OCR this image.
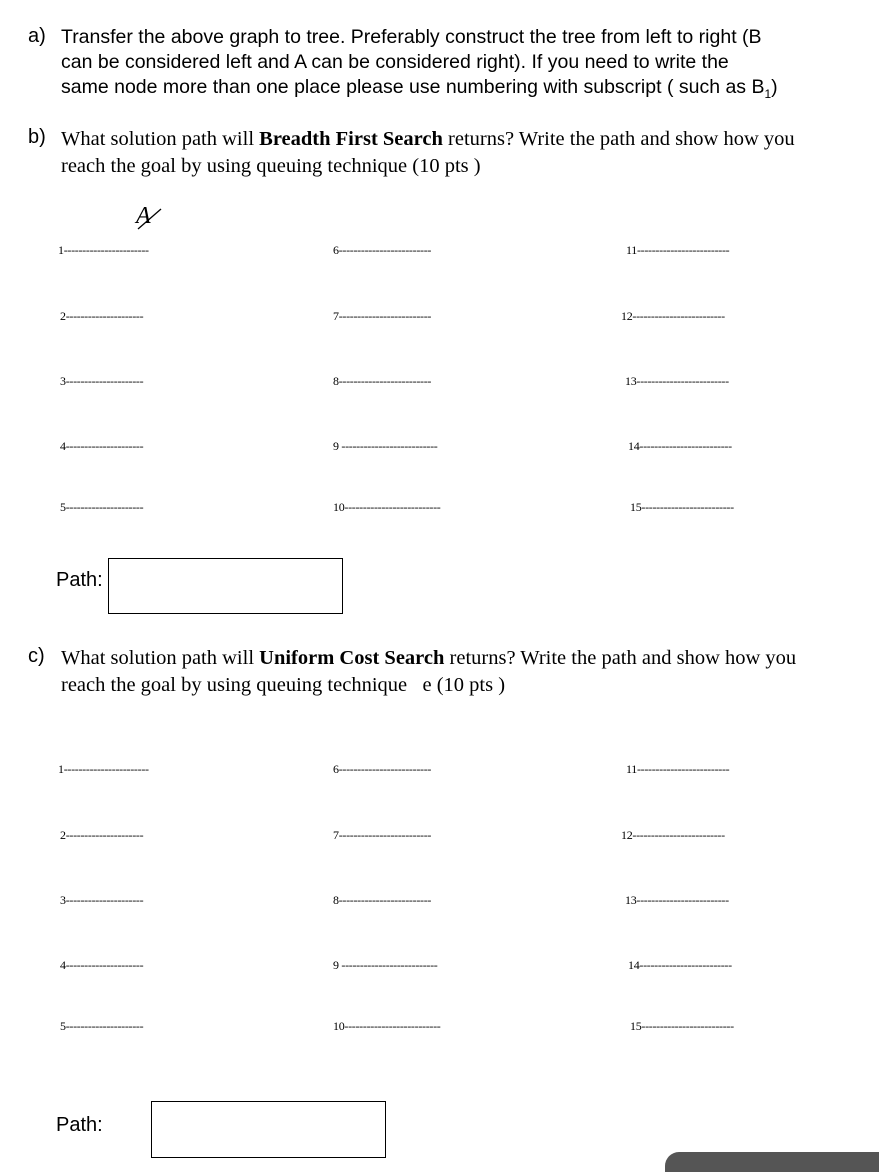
a) Transfer the above graph to tree. Preferably construct the tree from left to right (B
can be considered left and A can be considered right). If you need to write the
same node more than one place please use numbering with subscript ( such as $B_1$)
b) What solution path will Breadth First Search returns? Write the path and show how you
reach the goal by using queuing technique (10 pts )
A
1-----------------------
2---------------------
3---------------------
4---------------------
5---------------------
6-------------------------
7-------------------------
8-------------------------
9 --------------------------
10--------------------------
11-------------------------
12-------------------------
13-------------------------
14-------------------------
15-------------------------
Path:
c) What solution path will Uniform Cost Search returns? Write the path and show how you
reach the goal by using queuing technique   e (10 pts )
1-----------------------
2---------------------
3---------------------
4---------------------
5---------------------
6-------------------------
7-------------------------
8-------------------------
9 --------------------------
10--------------------------
11-------------------------
12-------------------------
13-------------------------
14-------------------------
15-------------------------
Path:
